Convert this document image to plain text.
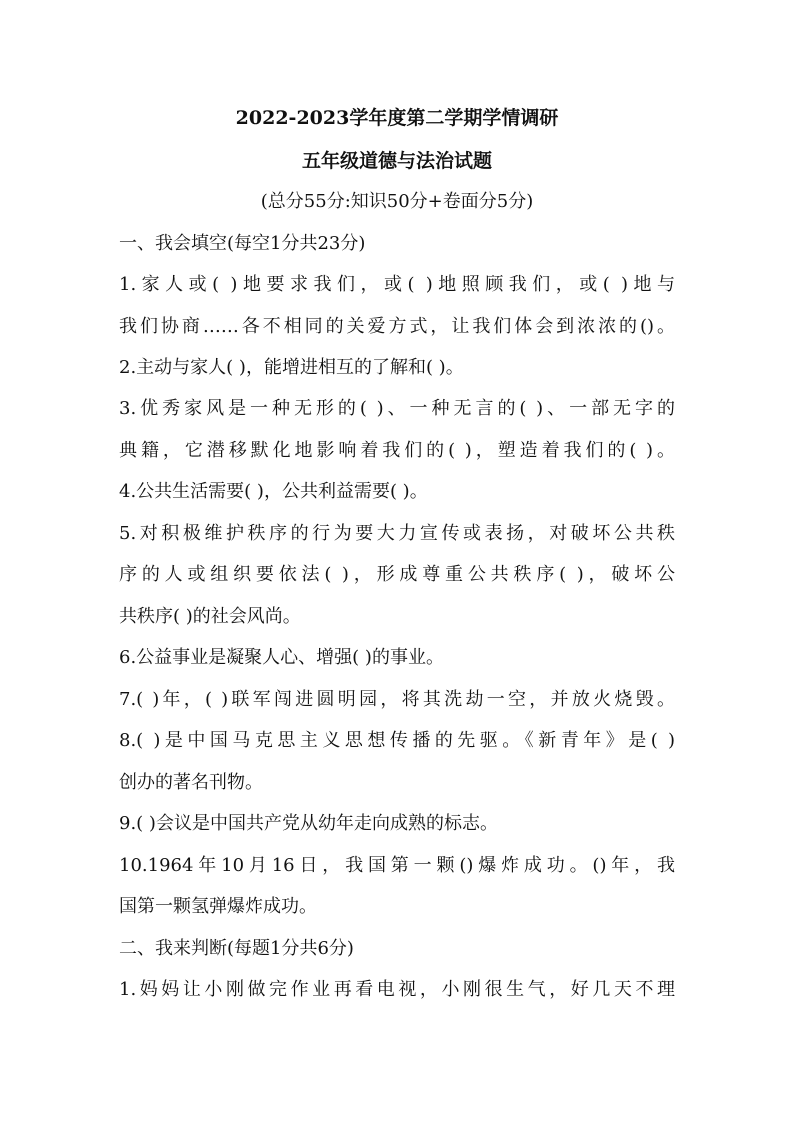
2022-2023学年度第二学期学情调研
五年级道德与法治试题
(总分55分:知识50分+卷面分5分)
一、我会填空(每空1分共23分)
1.家人或( )地要求我们，或( )地照顾我们，或( )地与
我们协商……各不相同的关爱方式，让我们体会到浓浓的()。
2.主动与家人( )，能增进相互的了解和( )。
3.优秀家风是一种无形的( )、一种无言的( )、一部无字的
典籍，它潜移默化地影响着我们的( )，塑造着我们的( )。
4.公共生活需要( )，公共利益需要( )。
5.对积极维护秩序的行为要大力宣传或表扬，对破坏公共秩
序的人或组织要依法( )，形成尊重公共秩序( )，破坏公
共秩序( )的社会风尚。
6.公益事业是凝聚人心、增强( )的事业。
7.( )年，( )联军闯进圆明园，将其洗劫一空，并放火烧毁。
8.( )是中国马克思主义思想传播的先驱。《新青年》是( )
创办的著名刊物。
9.( )会议是中国共产党从幼年走向成熟的标志。
10.1964年10月16日，我国第一颗()爆炸成功。()年，我
国第一颗氢弹爆炸成功。
二、我来判断(每题1分共6分)
1.妈妈让小刚做完作业再看电视，小刚很生气，好几天不理
